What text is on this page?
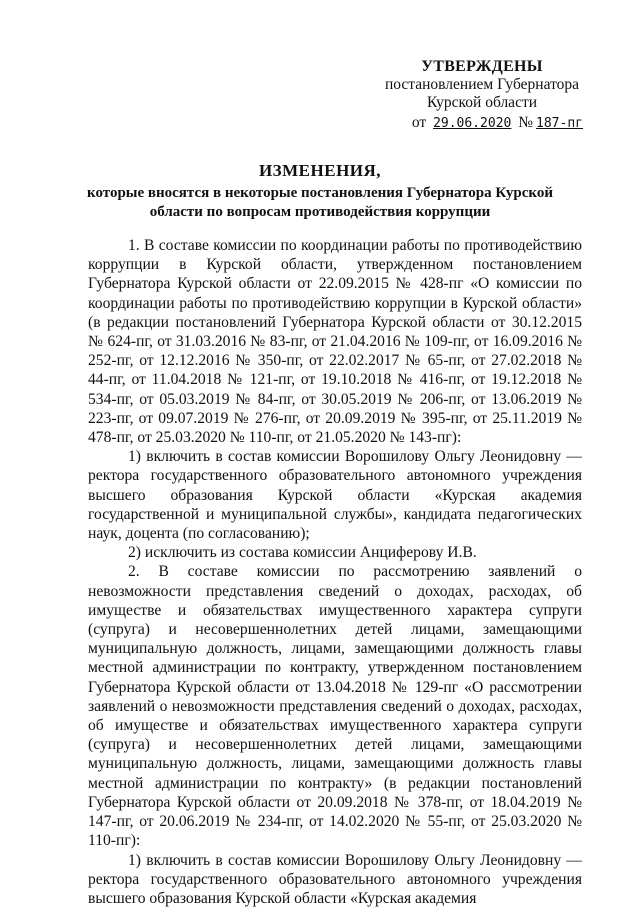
УТВЕРЖДЕНЫ
постановлением Губернатора
Курской области
от 29.06.2020 № 187-пг
ИЗМЕНЕНИЯ,
которые вносятся в некоторые постановления Губернатора Курской области по вопросам противодействия коррупции

1. В составе комиссии по координации работы по противодействию коррупции в Курской области, утвержденном постановлением Губернатора Курской области от 22.09.2015 № 428-пг «О комиссии по координации работы по противодействию коррупции в Курской области» (в редакции постановлений Губернатора Курской области от 30.12.2015 № 624-пг, от 31.03.2016 № 83-пг, от 21.04.2016 № 109-пг, от 16.09.2016 № 252-пг, от 12.12.2016 № 350-пг, от 22.02.2017 № 65-пг, от 27.02.2018 № 44-пг, от 11.04.2018 № 121-пг, от 19.10.2018 № 416-пг, от 19.12.2018 № 534-пг, от 05.03.2019 № 84-пг, от 30.05.2019 № 206-пг, от 13.06.2019 № 223-пг, от 09.07.2019 № 276-пг, от 20.09.2019 № 395-пг, от 25.11.2019 № 478-пг, от 25.03.2020 № 110-пг, от 21.05.2020 № 143-пг):

1) включить в состав комиссии Ворошилову Ольгу Леонидовну — ректора государственного образовательного автономного учреждения высшего образования Курской области «Курская академия государственной и муниципальной службы», кандидата педагогических наук, доцента (по согласованию);

2) исключить из состава комиссии Анциферову И.В.

2. В составе комиссии по рассмотрению заявлений о невозможности представления сведений о доходах, расходах, об имуществе и обязательствах имущественного характера супруги (супруга) и несовершеннолетних детей лицами, замещающими муниципальную должность, лицами, замещающими должность главы местной администрации по контракту, утвержденном постановлением Губернатора Курской области от 13.04.2018 № 129-пг «О рассмотрении заявлений о невозможности представления сведений о доходах, расходах, об имуществе и обязательствах имущественного характера супруги (супруга) и несовершеннолетних детей лицами, замещающими муниципальную должность, лицами, замещающими должность главы местной администрации по контракту» (в редакции постановлений Губернатора Курской области от 20.09.2018 № 378-пг, от 18.04.2019 № 147-пг, от 20.06.2019 № 234-пг, от 14.02.2020 № 55-пг, от 25.03.2020 № 110-пг):

1) включить в состав комиссии Ворошилову Ольгу Леонидовну — ректора государственного образовательного автономного учреждения высшего образования Курской области «Курская академия
